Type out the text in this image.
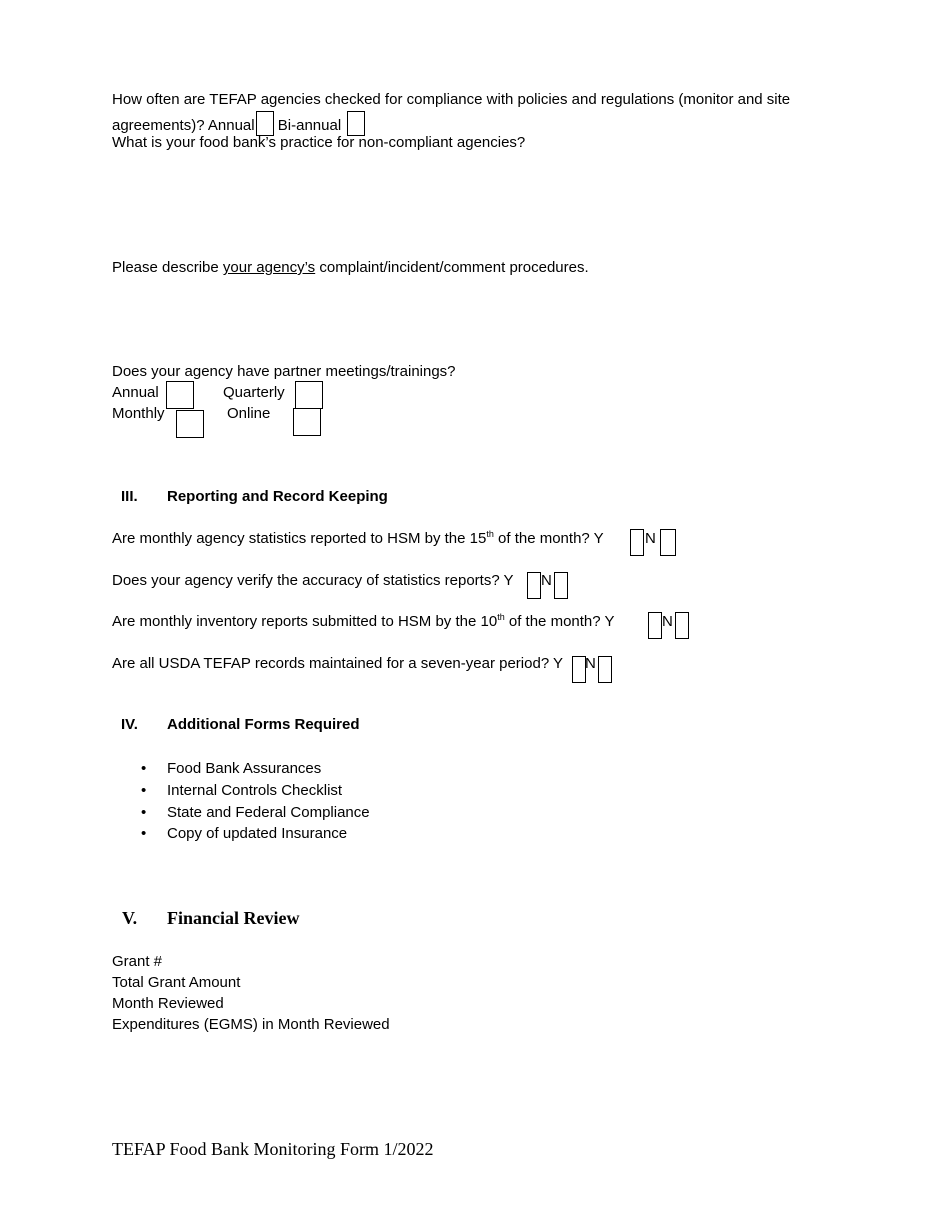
How often are TEFAP agencies checked for compliance with policies and regulations (monitor and site
agreements)? Annual Bi-annual
What is your food bank’s practice for non-compliant agencies?
Please describe your agency’s complaint/incident/comment procedures.
Does your agency have partner meetings/trainings?
Annual	Quarterly
Monthly	Online
III. Reporting and Record Keeping
Are monthly agency statistics reported to HSM by the 15th of the month? Y	N
Does your agency verify the accuracy of statistics reports? Y N
Are monthly inventory reports submitted to HSM by the 10th of the month? Y	N
Are all USDA TEFAP records maintained for a seven-year period? Y N
IV. Additional Forms Required
• Food Bank Assurances
• Internal Controls Checklist
• State and Federal Compliance
• Copy of updated Insurance
V. Financial Review
Grant #
Total Grant Amount
Month Reviewed
Expenditures (EGMS) in Month Reviewed
TEFAP Food Bank Monitoring Form 1/2022
